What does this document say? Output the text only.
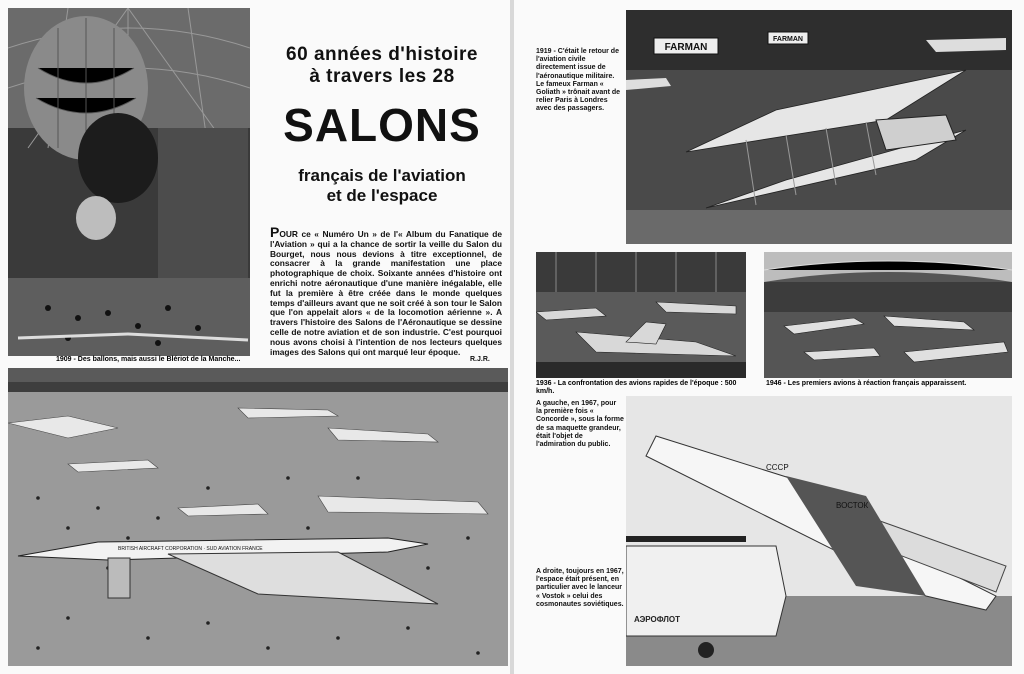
1909 - Des ballons, mais aussi le Blériot de la Manche...
60 années d'histoire
à travers les 28
SALONS
français de l'aviation
et de l'espace
POUR ce « Numéro Un » de l'« Album du Fanatique de l'Aviation » qui a la chance de sortir la veille du Salon du Bourget, nous nous devions à titre exceptionnel, de consacrer à la grande manifestation une place photographique de choix. Soixante années d'histoire ont enrichi notre aéronautique d'une manière inégalable, elle fut la première à être créée dans le monde quelques temps d'ailleurs avant que ne soit créé à son tour le Salon que l'on appelait alors « de la locomotion aérienne ». A travers l'histoire des Salons de l'Aéronautique se dessine celle de notre aviation et de son industrie. C'est pourquoi nous avons choisi à l'intention de nos lecteurs quelques images des Salons qui ont marqué leur époque.
R.J.R.
BRITISH AIRCRAFT CORPORATION · SUD AVIATION FRANCE
1919 - C'était le retour de l'aviation civile directement issue de l'aéronautique militaire. Le fameux Farman « Goliath » trônait avant de relier Paris à Londres avec des passagers.
FARMAN
FARMAN
1936 - La confrontation des avions rapides de l'époque : 500 km/h.
1946 - Les premiers avions à réaction français apparaissent.
A gauche, en 1967, pour la première fois « Concorde », sous la forme de sa maquette grandeur, était l'objet de l'admiration du public.
СССР
ВОСТОК
АЭРОФЛОТ
A droite, toujours en 1967, l'espace était présent, en particulier avec le lanceur « Vostok » celui des cosmonautes soviétiques.
